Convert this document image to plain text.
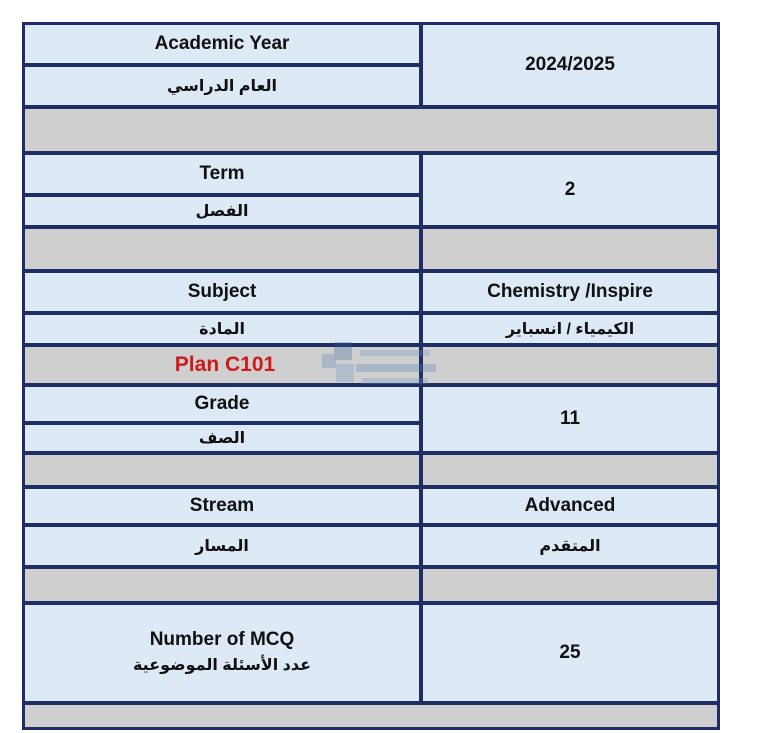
Academic Year
العام الدراسي
2024/2025
Term
الفصل
2
Subject
المادة
Chemistry /Inspire
الكيمياء / انسباير
Plan C101
Grade
الصف
11
Stream
المسار
Advanced
المتقدم
Number of MCQ
عدد الأسئلة الموضوعية
25
